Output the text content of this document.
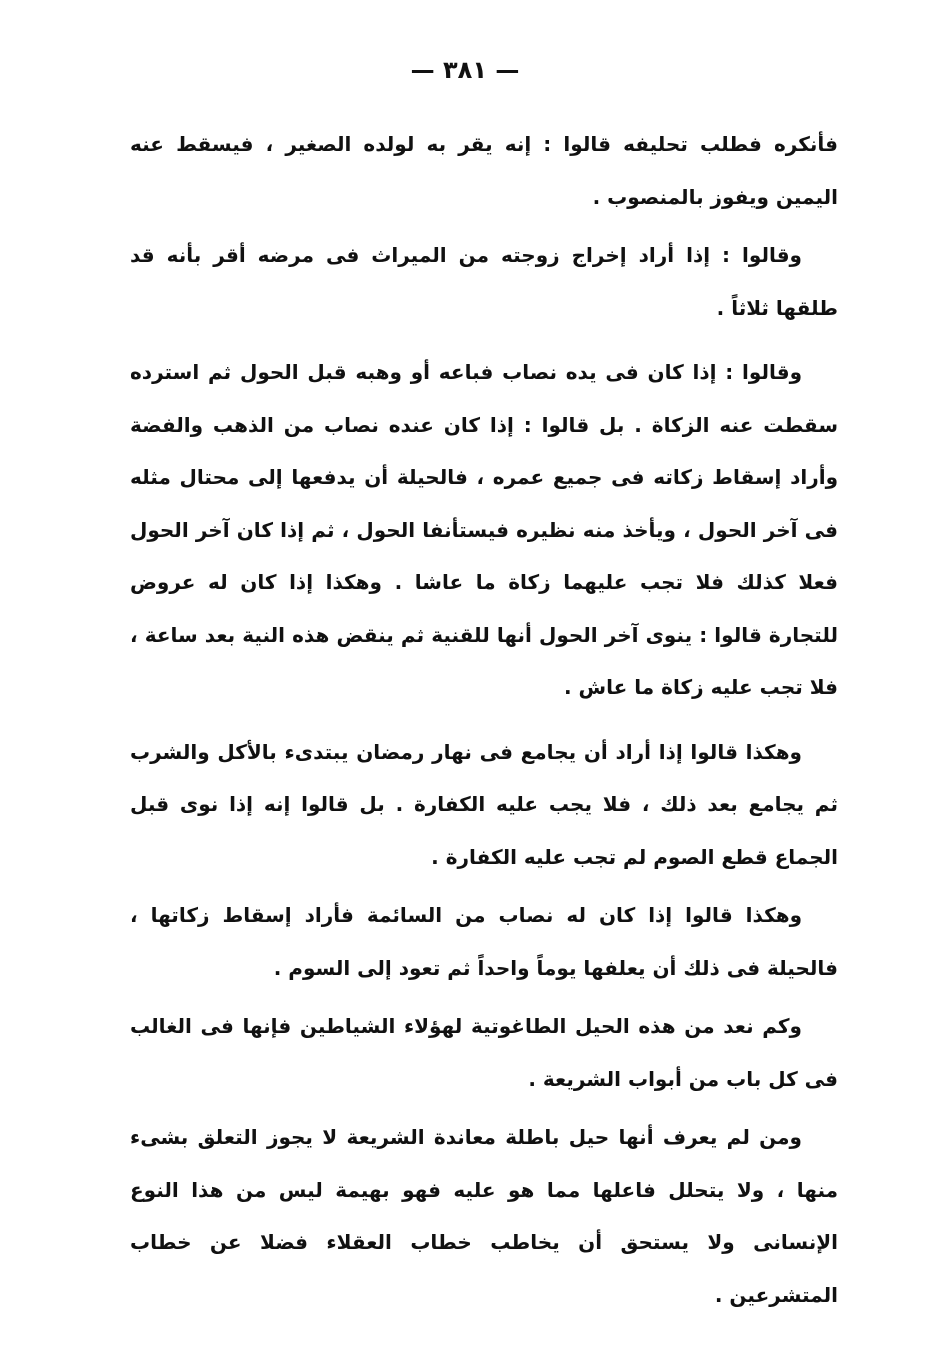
— ٣٨١ —

فأنكره فطلب تحليفه قالوا : إنه يقر به لولده الصغير ، فيسقط عنه اليمين ويفوز بالمنصوب .

وقالوا : إذا أراد إخراج زوجته من الميراث فى مرضه أقر بأنه قد طلقها ثلاثاً .

وقالوا : إذا كان فى يده نصاب فباعه أو وهبه قبل الحول ثم استرده سقطت عنه الزكاة . بل قالوا : إذا كان عنده نصاب من الذهب والفضة وأراد إسقاط زكاته فى جميع عمره ، فالحيلة أن يدفعها إلى محتال مثله فى آخر الحول ، ويأخذ منه نظيره فيستأنفا الحول ، ثم إذا كان آخر الحول فعلا كذلك فلا تجب عليهما زكاة ما عاشا . وهكذا إذا كان له عروض للتجارة قالوا : ينوى آخر الحول أنها للقنية ثم ينقض هذه النية بعد ساعة ، فلا تجب عليه زكاة ما عاش .

وهكذا قالوا إذا أراد أن يجامع فى نهار رمضان يبتدىء بالأكل والشرب ثم يجامع بعد ذلك ، فلا يجب عليه الكفارة . بل قالوا إنه إذا نوى قبل الجماع قطع الصوم لم تجب عليه الكفارة .

وهكذا قالوا إذا كان له نصاب من السائمة فأراد إسقاط زكاتها ، فالحيلة فى ذلك أن يعلفها يوماً واحداً ثم تعود إلى السوم .

وكم نعد من هذه الحيل الطاغوتية لهؤلاء الشياطين فإنها فى الغالب فى كل باب من أبواب الشريعة .

ومن لم يعرف أنها حيل باطلة معاندة الشريعة لا يجوز التعلق بشىء منها ، ولا يتحلل فاعلها مما هو عليه فهو بهيمة ليس من هذا النوع الإنسانى ولا يستحق أن يخاطب خطاب العقلاء فضلا عن خطاب المتشرعين .
